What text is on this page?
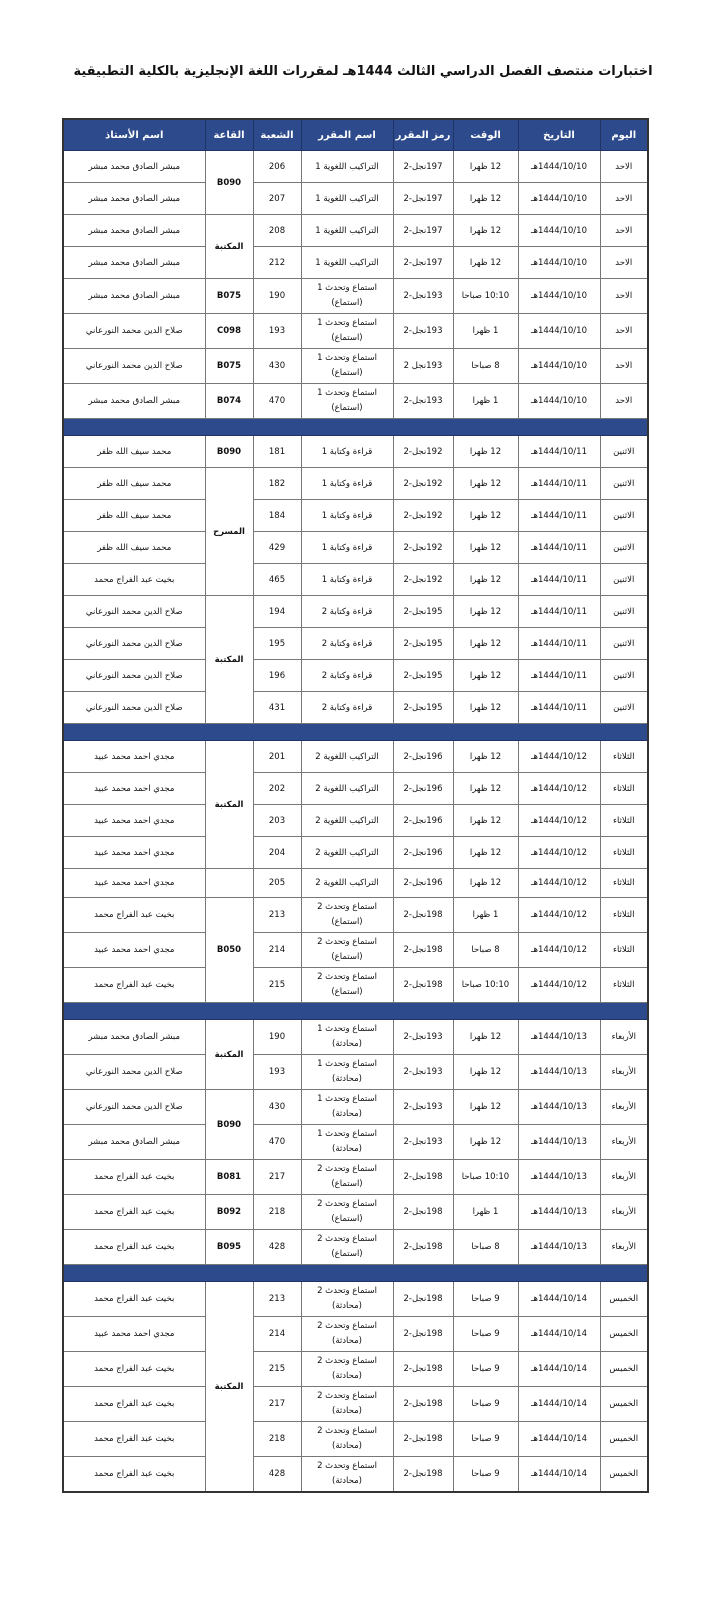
اختبارات منتصف الفصل الدراسي الثالث 1444هـ لمقررات اللغة الإنجليزية بالكلية التطبيقية
اليوم	التاريخ	الوقت	رمز المقرر	اسم المقرر	الشعبة	القاعة	اسم الأستاذ
الاحد	1444/10/10هـ	12 ظهرا	197نجل-2	التراكيب اللغوية 1	206	B090	مبشر الصادق محمد مبشر
الاحد	1444/10/10هـ	12 ظهرا	197نجل-2	التراكيب اللغوية 1	207		مبشر الصادق محمد مبشر
الاحد	1444/10/10هـ	12 ظهرا	197نجل-2	التراكيب اللغوية 1	208	المكتبة	مبشر الصادق محمد مبشر
الاحد	1444/10/10هـ	12 ظهرا	197نجل-2	التراكيب اللغوية 1	212		مبشر الصادق محمد مبشر
الاحد	1444/10/10هـ	10:10 صباحا	193نجل-2	استماع وتحدث 1
(استماع)	190	B075	مبشر الصادق محمد مبشر
الاحد	1444/10/10هـ	1 ظهرا	193نجل-2	استماع وتحدث 1
(استماع)	193	C098	صلاح الدين محمد النورعاني
الاحد	1444/10/10هـ	8 صباحا	193نجل 2	استماع وتحدث 1
(استماع)	430	B075	صلاح الدين محمد النورعاني
الاحد	1444/10/10هـ	1 ظهرا	193نجل-2	استماع وتحدث 1
(استماع)	470	B074	مبشر الصادق محمد مبشر

الاثنين	1444/10/11هـ	12 ظهرا	192نجل-2	قراءة وكتابة 1	181	B090	محمد سيف الله ظفر
الاثنين	1444/10/11هـ	12 ظهرا	192نجل-2	قراءة وكتابة 1	182	المسرح	محمد سيف الله ظفر
الاثنين	1444/10/11هـ	12 ظهرا	192نجل-2	قراءة وكتابة 1	184		محمد سيف الله ظفر
الاثنين	1444/10/11هـ	12 ظهرا	192نجل-2	قراءة وكتابة 1	429		محمد سيف الله ظفر
الاثنين	1444/10/11هـ	12 ظهرا	192نجل-2	قراءة وكتابة 1	465		بخيت عبد الفراج محمد
الاثنين	1444/10/11هـ	12 ظهرا	195نجل-2	قراءة وكتابة 2	194	المكتبة	صلاح الدين محمد النورعاني
الاثنين	1444/10/11هـ	12 ظهرا	195نجل-2	قراءة وكتابة 2	195		صلاح الدين محمد النورعاني
الاثنين	1444/10/11هـ	12 ظهرا	195نجل-2	قراءة وكتابة 2	196		صلاح الدين محمد النورعاني
الاثنين	1444/10/11هـ	12 ظهرا	195نجل-2	قراءة وكتابة 2	431		صلاح الدين محمد النورعاني

الثلاثاء	1444/10/12هـ	12 ظهرا	196نجل-2	التراكيب اللغوية 2	201	المكتبة	مجدي احمد محمد عبيد
الثلاثاء	1444/10/12هـ	12 ظهرا	196نجل-2	التراكيب اللغوية 2	202		مجدي احمد محمد عبيد
الثلاثاء	1444/10/12هـ	12 ظهرا	196نجل-2	التراكيب اللغوية 2	203		مجدي احمد محمد عبيد
الثلاثاء	1444/10/12هـ	12 ظهرا	196نجل-2	التراكيب اللغوية 2	204		مجدي احمد محمد عبيد
الثلاثاء	1444/10/12هـ	12 ظهرا	196نجل-2	التراكيب اللغوية 2	205		مجدي احمد محمد عبيد
الثلاثاء	1444/10/12هـ	1 ظهرا	198نجل-2	استماع وتحدث 2
(استماع)	213	B050	بخيت عبد الفراج محمد
الثلاثاء	1444/10/12هـ	8 صباحا	198نجل-2	استماع وتحدث 2
(استماع)	214		مجدي احمد محمد عبيد
الثلاثاء	1444/10/12هـ	10:10 صباحا	198نجل-2	استماع وتحدث 2
(استماع)	215		بخيت عبد الفراج محمد

الأربعاء	1444/10/13هـ	12 ظهرا	193نجل-2	استماع وتحدث 1
(محادثة)	190	المكتبة	مبشر الصادق محمد مبشر
الأربعاء	1444/10/13هـ	12 ظهرا	193نجل-2	استماع وتحدث 1
(محادثة)	193		صلاح الدين محمد النورعاني
الأربعاء	1444/10/13هـ	12 ظهرا	193نجل-2	استماع وتحدث 1
(محادثة)	430	B090	صلاح الدين محمد النورعاني
الأربعاء	1444/10/13هـ	12 ظهرا	193نجل-2	استماع وتحدث 1
(محادثة)	470		مبشر الصادق محمد مبشر
الأربعاء	1444/10/13هـ	10:10 صباحا	198نجل-2	استماع وتحدث 2
(استماع)	217	B081	بخيت عبد الفراج محمد
الأربعاء	1444/10/13هـ	1 ظهرا	198نجل-2	استماع وتحدث 2
(استماع)	218	B092	بخيت عبد الفراج محمد
الأربعاء	1444/10/13هـ	8 صباحا	198نجل-2	استماع وتحدث 2
(استماع)	428	B095	بخيت عبد الفراج محمد

الخميس	1444/10/14هـ	9 صباحا	198نجل-2	استماع وتحدث 2
(محادثة)	213	المكتبة	بخيت عبد الفراج محمد
الخميس	1444/10/14هـ	9 صباحا	198نجل-2	استماع وتحدث 2
(محادثة)	214		مجدي احمد محمد عبيد
الخميس	1444/10/14هـ	9 صباحا	198نجل-2	استماع وتحدث 2
(محادثة)	215		بخيت عبد الفراج محمد
الخميس	1444/10/14هـ	9 صباحا	198نجل-2	استماع وتحدث 2
(محادثة)	217		بخيت عبد الفراج محمد
الخميس	1444/10/14هـ	9 صباحا	198نجل-2	استماع وتحدث 2
(محادثة)	218		بخيت عبد الفراج محمد
الخميس	1444/10/14هـ	9 صباحا	198نجل-2	استماع وتحدث 2
(محادثة)	428		بخيت عبد الفراج محمد
